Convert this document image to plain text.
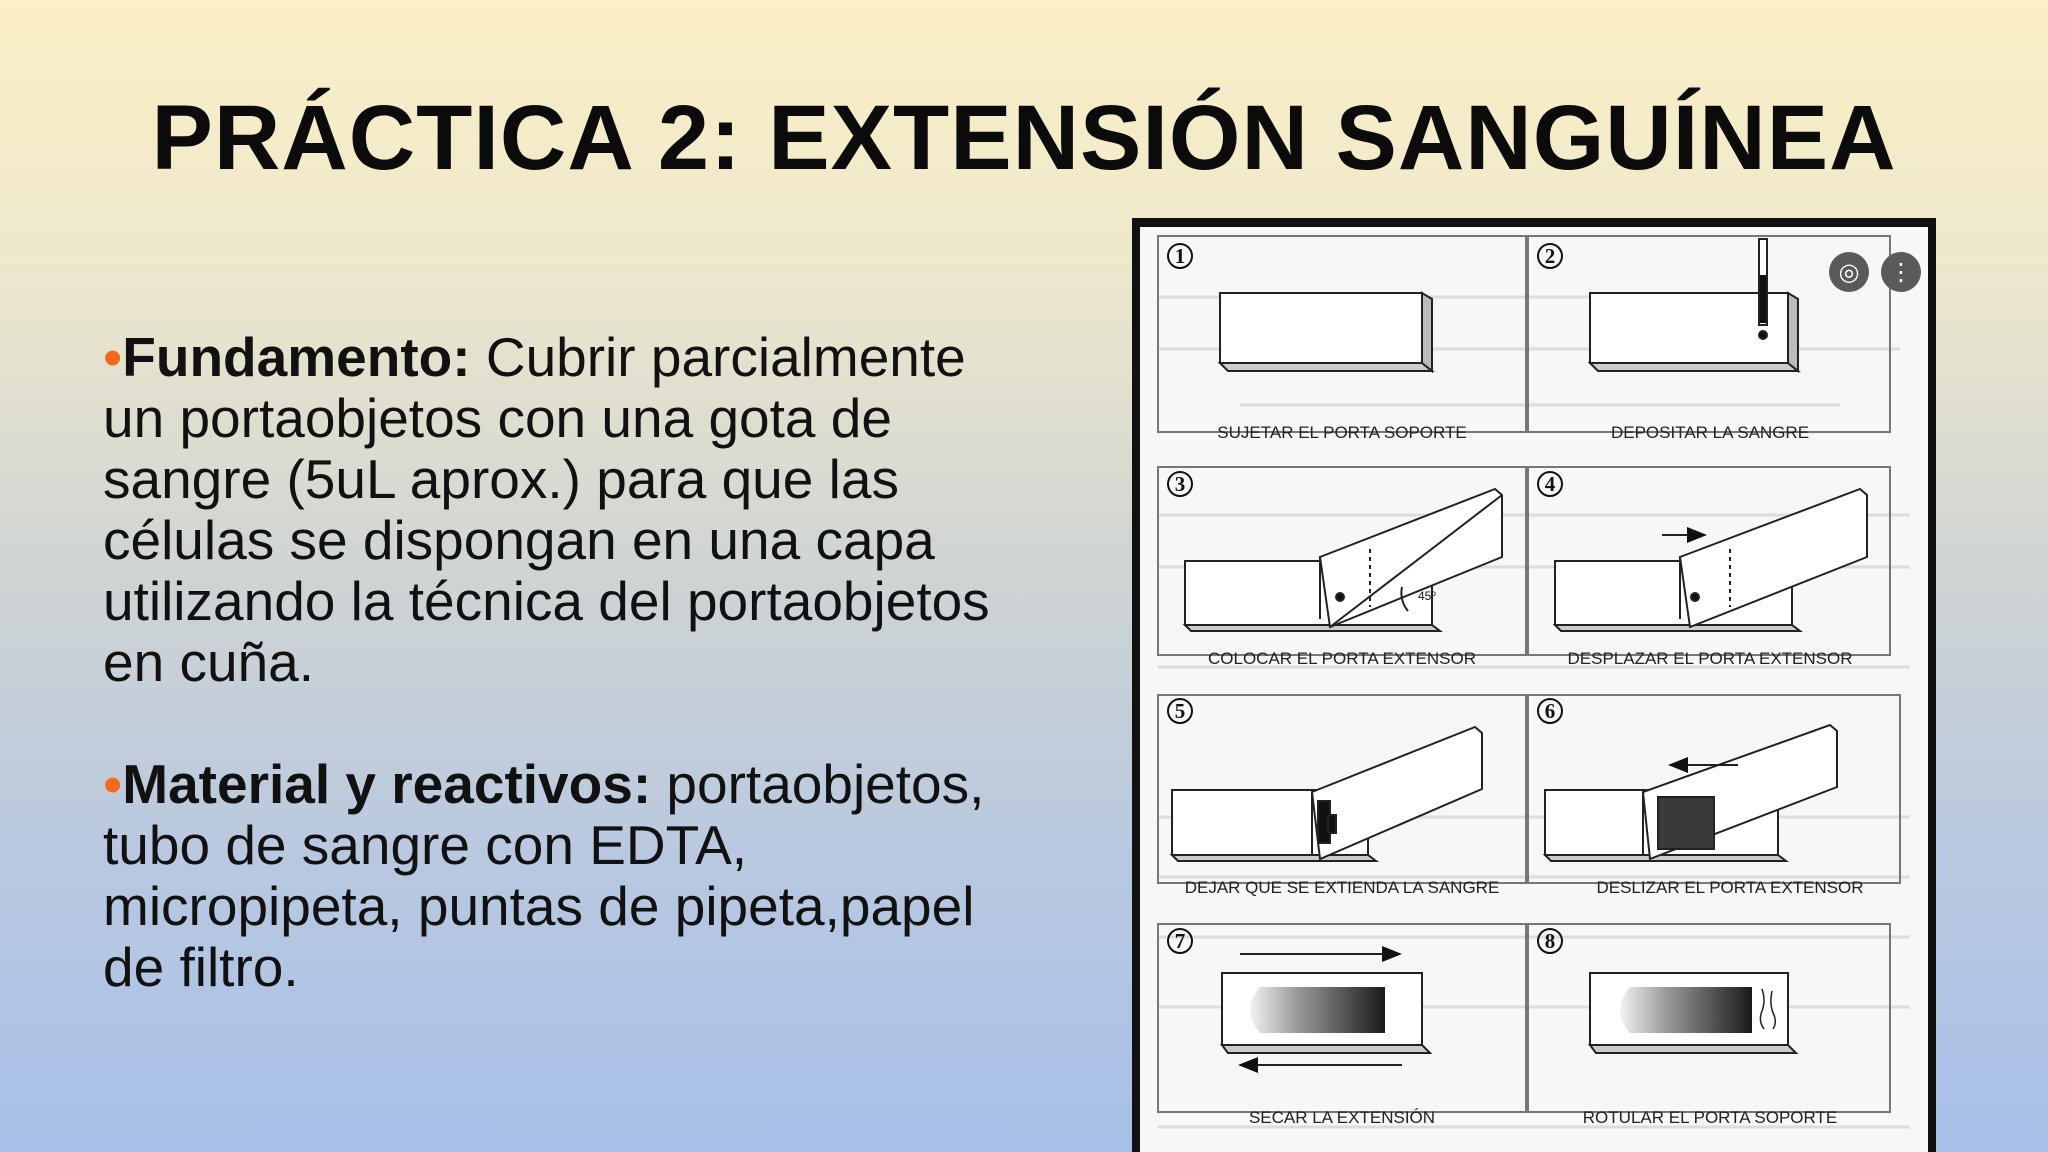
PRÁCTICA 2: EXTENSIÓN SANGUÍNEA

•Fundamento: Cubrir parcialmente un portaobjetos con una gota de sangre (5uL aprox.) para que las células se dispongan en una capa utilizando la técnica del portaobjetos en cuña.

•Material y reactivos: portaobjetos, tubo de sangre con EDTA, micropipeta, puntas de pipeta,papel de filtro.

1	2
3	4
5	6
7	8
SUJETAR EL PORTA SOPORTE	DEPOSITAR LA SANGRE
COLOCAR EL PORTA EXTENSOR	DESPLAZAR EL PORTA EXTENSOR
DEJAR QUE SE EXTIENDA LA SANGRE	DESLIZAR EL PORTA EXTENSOR
SECAR LA EXTENSIÓN	ROTULAR EL PORTA SOPORTE
45º
◎	⋮
